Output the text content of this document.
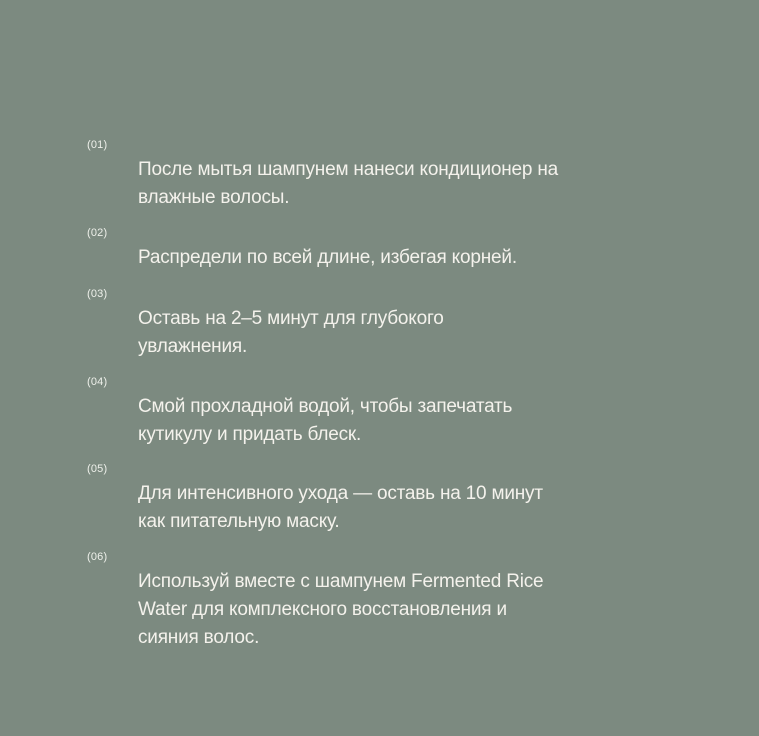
(01)
После мытья шампунем нанеси кондиционер на
влажные волосы.
(02)
Распредели по всей длине, избегая корней.
(03)
Оставь на 2–5 минут для глубокого
увлажнения.
(04)
Смой прохладной водой, чтобы запечатать
кутикулу и придать блеск.
(05)
Для интенсивного ухода — оставь на 10 минут
как питательную маску.
(06)
Используй вместе с шампунем Fermented Rice
Water для комплексного восстановления и
сияния волос.
